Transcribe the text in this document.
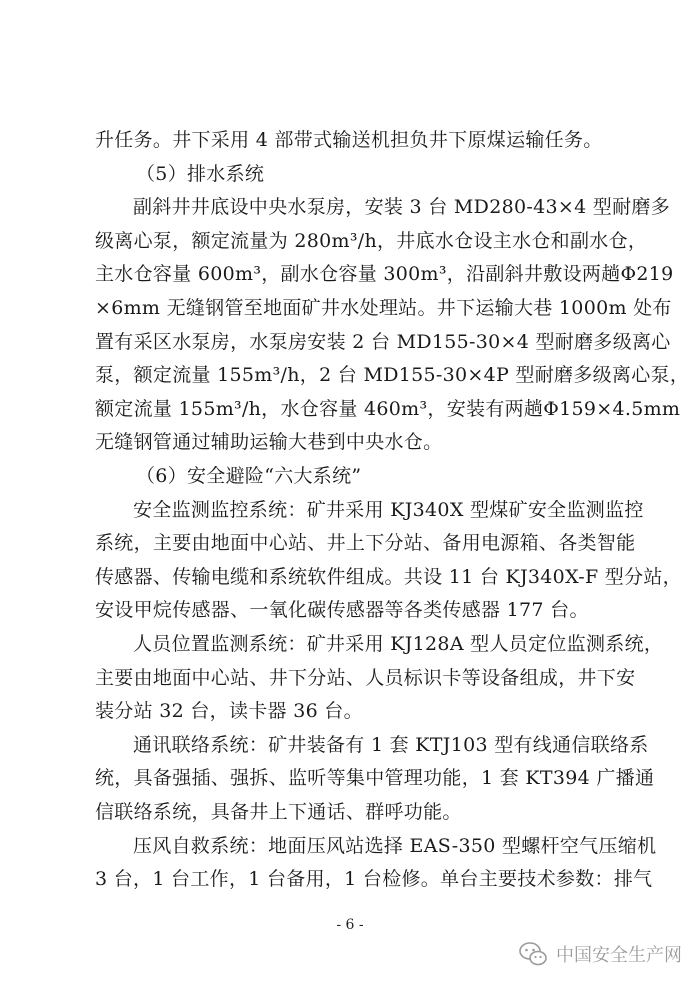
升任务。井下采用 4 部带式输送机担负井下原煤运输任务。
（5）排水系统
副斜井井底设中央水泵房，安装 3 台 MD280-43×4 型耐磨多
级离心泵，额定流量为 280m³/h，井底水仓设主水仓和副水仓，
主水仓容量 600m³，副水仓容量 300m³，沿副斜井敷设两趟Φ219
×6mm 无缝钢管至地面矿井水处理站。井下运输大巷 1000m 处布
置有采区水泵房，水泵房安装 2 台 MD155-30×4 型耐磨多级离心
泵，额定流量 155m³/h，2 台 MD155-30×4P 型耐磨多级离心泵，
额定流量 155m³/h，水仓容量 460m³，安装有两趟Φ159×4.5mm
无缝钢管通过辅助运输大巷到中央水仓。
（6）安全避险“六大系统”
安全监测监控系统：矿井采用 KJ340X 型煤矿安全监测监控
系统，主要由地面中心站、井上下分站、备用电源箱、各类智能
传感器、传输电缆和系统软件组成。共设 11 台 KJ340X-F 型分站，
安设甲烷传感器、一氧化碳传感器等各类传感器 177 台。
人员位置监测系统：矿井采用 KJ128A 型人员定位监测系统，
主要由地面中心站、井下分站、人员标识卡等设备组成，井下安
装分站 32 台，读卡器 36 台。
通讯联络系统：矿井装备有 1 套 KTJ103 型有线通信联络系
统，具备强插、强拆、监听等集中管理功能，1 套 KT394 广播通
信联络系统，具备井上下通话、群呼功能。
压风自救系统：地面压风站选择 EAS-350 型螺杆空气压缩机
3 台，1 台工作，1 台备用，1 台检修。单台主要技术参数：排气
- 6 -
中国安全生产网
